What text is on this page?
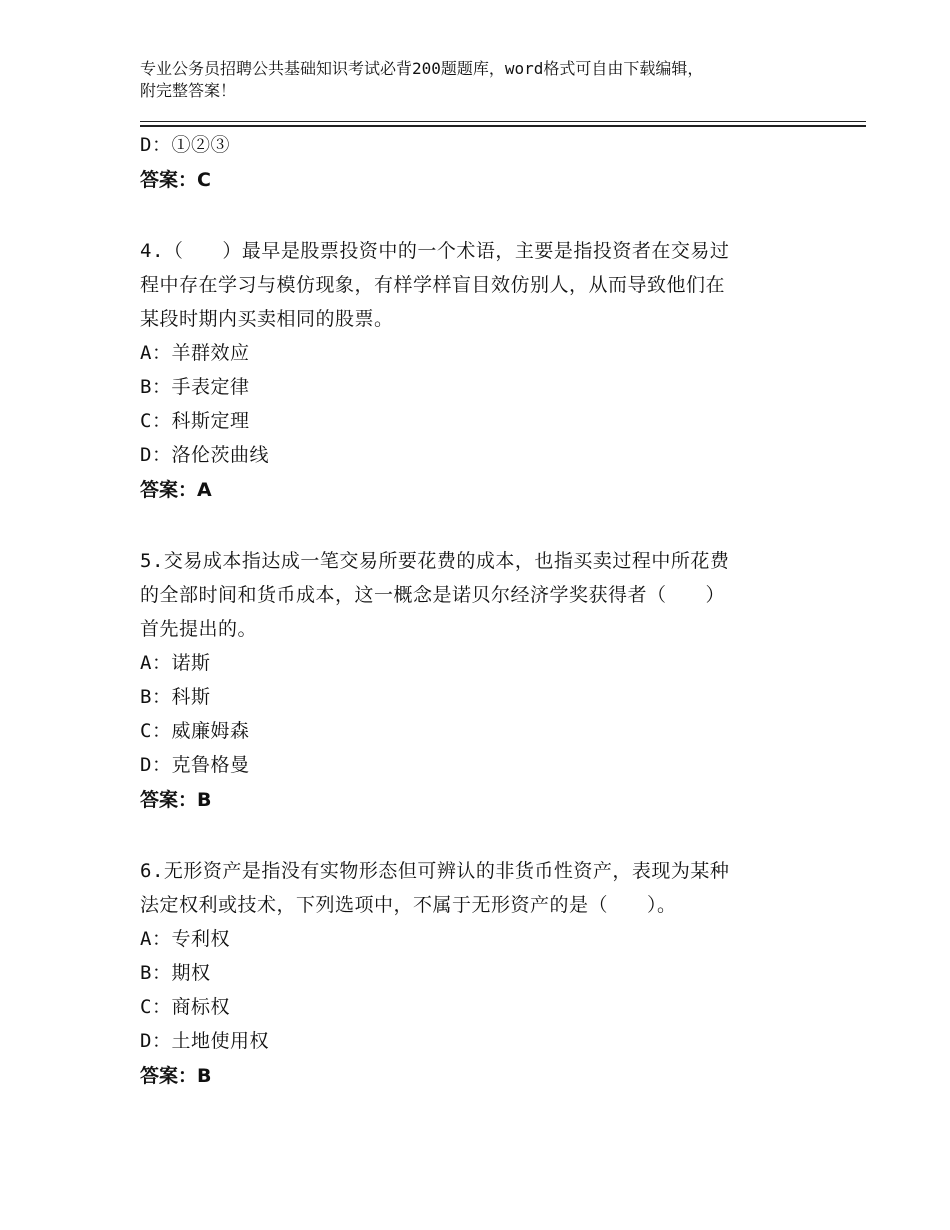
专业公务员招聘公共基础知识考试必背200题题库，word格式可自由下载编辑，
附完整答案！
D：①②③
答案：C
4.（　　）最早是股票投资中的一个术语，主要是指投资者在交易过
程中存在学习与模仿现象，有样学样盲目效仿别人，从而导致他们在
某段时期内买卖相同的股票。
A：羊群效应
B：手表定律
C：科斯定理
D：洛伦茨曲线
答案：A
5.交易成本指达成一笔交易所要花费的成本，也指买卖过程中所花费
的全部时间和货币成本，这一概念是诺贝尔经济学奖获得者（　　）
首先提出的。
A：诺斯
B：科斯
C：威廉姆森
D：克鲁格曼
答案：B
6.无形资产是指没有实物形态但可辨认的非货币性资产，表现为某种
法定权利或技术，下列选项中，不属于无形资产的是（　　）。
A：专利权
B：期权
C：商标权
D：土地使用权
答案：B
